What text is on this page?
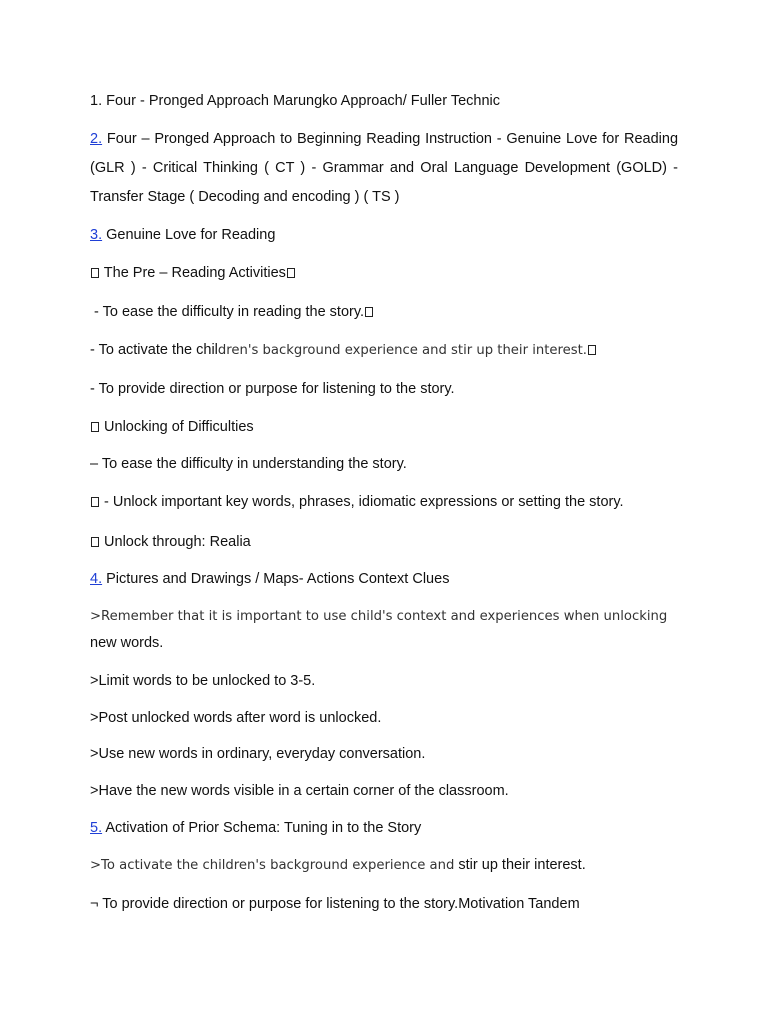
1. Four - Pronged Approach Marungko Approach/ Fuller Technic

2. Four – Pronged Approach to Beginning Reading Instruction - Genuine Love for Reading (GLR ) - Critical Thinking ( CT ) - Grammar and Oral Language Development (GOLD) - Transfer Stage ( Decoding and encoding ) ( TS )

3. Genuine Love for Reading

The Pre – Reading Activities

- To ease the difficulty in reading the story.

- To activate the children's background experience and stir up their interest.

- To provide direction or purpose for listening to the story.

Unlocking of Difficulties

– To ease the difficulty in understanding the story.

- Unlock important key words, phrases, idiomatic expressions or setting the story.

Unlock through: Realia

4. Pictures and Drawings / Maps- Actions Context Clues

>Remember that it is important to use child's context and experiences when unlocking

new words.

>Limit words to be unlocked to 3-5.

>Post unlocked words after word is unlocked.

>Use new words in ordinary, everyday conversation.

>Have the new words visible in a certain corner of the classroom.

5. Activation of Prior Schema: Tuning in to the Story

>To activate the children's background experience and stir up their interest.

¬ To provide direction or purpose for listening to the story.Motivation Tandem
